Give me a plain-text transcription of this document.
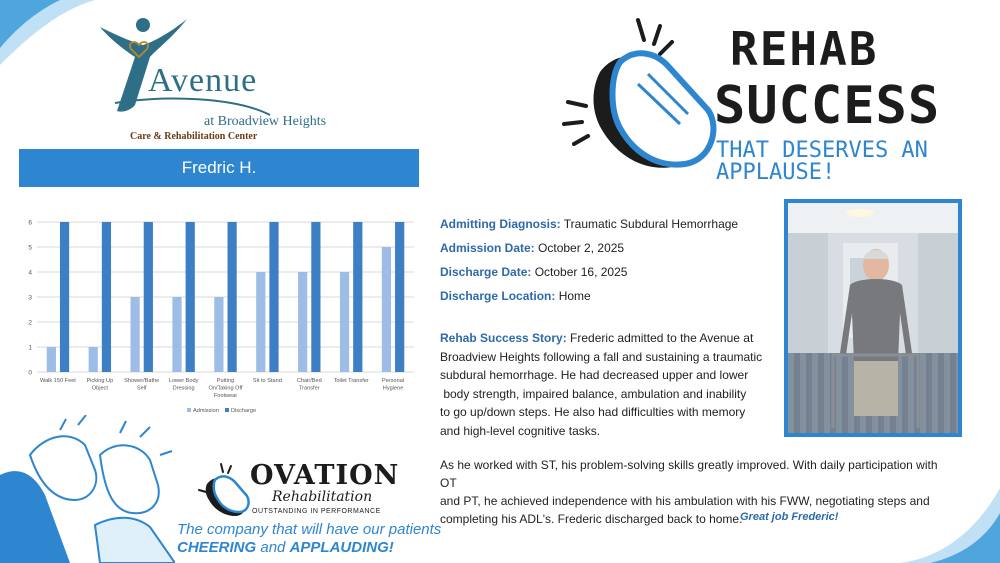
Avenue
at Broadview Heights
Care & Rehabilitation Center
Fredric H.
0
1
2
3
4
5
6
Walk 150 Feet Picking Up
Object
Shower/Bathe
Self
Lower Body
Dressing
Putting
On/Taking Off
Footwear
Sit to Stand	Chair/Bed
Transfer
Toilet Transfer Personal
Hygiene
Admission Discharge
REHAB
SUCCESS
THAT DESERVES AN APPLAUSE!
Admitting Diagnosis: Traumatic Subdural Hemorrhage
Admission Date: October 2, 2025
Discharge Date: October 16, 2025
Discharge Location: Home
Rehab Success Story: Frederic admitted to the Avenue at
Broadview Heights following a fall and sustaining a traumatic
subdural hemorrhage. He had decreased upper and lower
body strength, impaired balance, ambulation and inability
to go up/down steps. He also had difficulties with memory
and high-level cognitive tasks.
As he worked with ST, his problem-solving skills greatly improved. With daily participation with OT
and PT, he achieved independence with his ambulation with his FWW, negotiating steps and
completing his ADL's. Frederic discharged back to home.
Great job Frederic!
OVATION
Rehabilitation
OUTSTANDING IN PERFORMANCE
The company that will have our patients
CHEERING and APPLAUDING!
